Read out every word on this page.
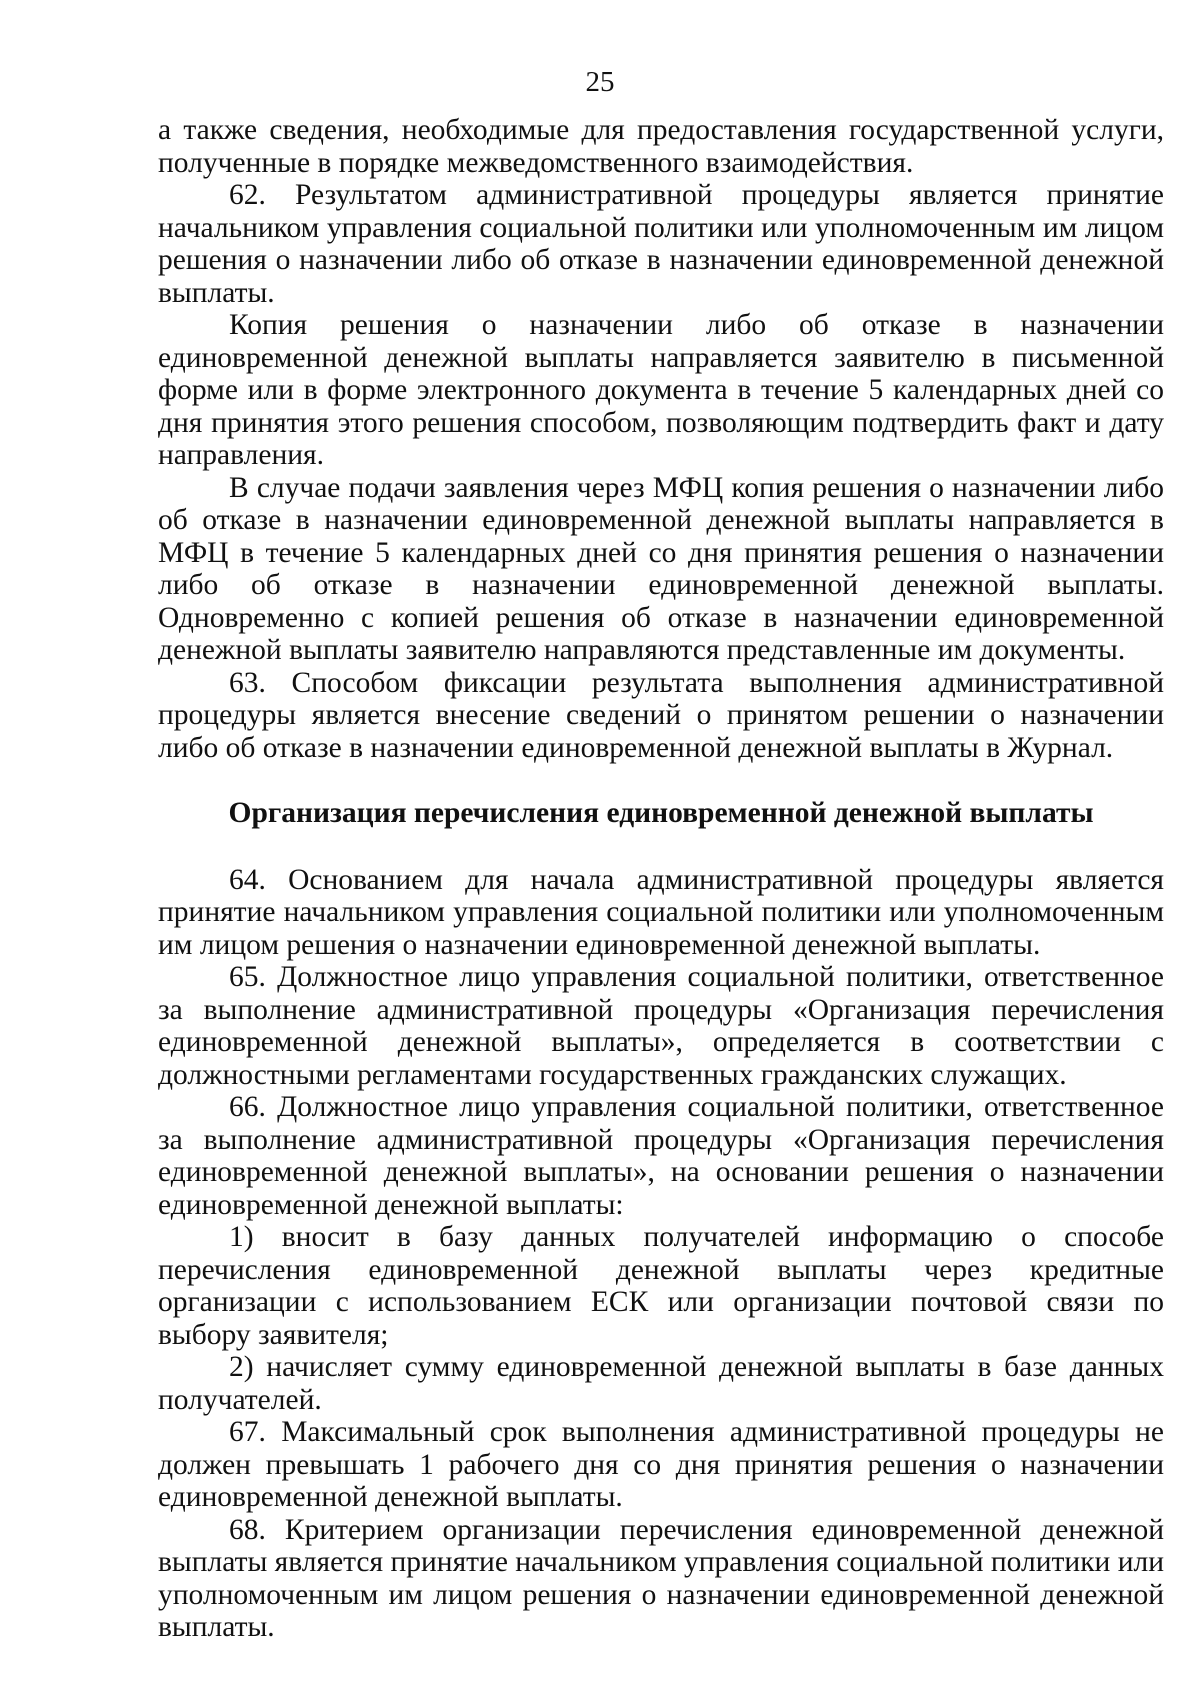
25

а также сведения, необходимые для предоставления государственной услуги, полученные в порядке межведомственного взаимодействия.

62. Результатом административной процедуры является принятие начальником управления социальной политики или уполномоченным им лицом решения о назначении либо об отказе в назначении единовременной денежной выплаты.

Копия решения о назначении либо об отказе в назначении единовременной денежной выплаты направляется заявителю в письменной форме или в форме электронного документа в течение 5 календарных дней со дня принятия этого решения способом, позволяющим подтвердить факт и дату направления.

В случае подачи заявления через МФЦ копия решения о назначении либо об отказе в назначении единовременной денежной выплаты направляется в МФЦ в течение 5 календарных дней со дня принятия решения о назначении либо об отказе в назначении единовременной денежной выплаты. Одновременно с копией решения об отказе в назначении единовременной денежной выплаты заявителю направляются представленные им документы.

63. Способом фиксации результата выполнения административной процедуры является внесение сведений о принятом решении о назначении либо об отказе в назначении единовременной денежной выплаты в Журнал.

Организация перечисления единовременной денежной выплаты

64. Основанием для начала административной процедуры является принятие начальником управления социальной политики или уполномоченным им лицом решения о назначении единовременной денежной выплаты.

65. Должностное лицо управления социальной политики, ответственное за выполнение административной процедуры «Организация перечисления единовременной денежной выплаты», определяется в соответствии с должностными регламентами государственных гражданских служащих.

66. Должностное лицо управления социальной политики, ответственное за выполнение административной процедуры «Организация перечисления единовременной денежной выплаты», на основании решения о назначении единовременной денежной выплаты:

1) вносит в базу данных получателей информацию о способе перечисления единовременной денежной выплаты через кредитные организации с использованием ЕСК или организации почтовой связи по выбору заявителя;

2) начисляет сумму единовременной денежной выплаты в базе данных получателей.

67. Максимальный срок выполнения административной процедуры не должен превышать 1 рабочего дня со дня принятия решения о назначении единовременной денежной выплаты.

68. Критерием организации перечисления единовременной денежной выплаты является принятие начальником управления социальной политики или уполномоченным им лицом решения о назначении единовременной денежной выплаты.
